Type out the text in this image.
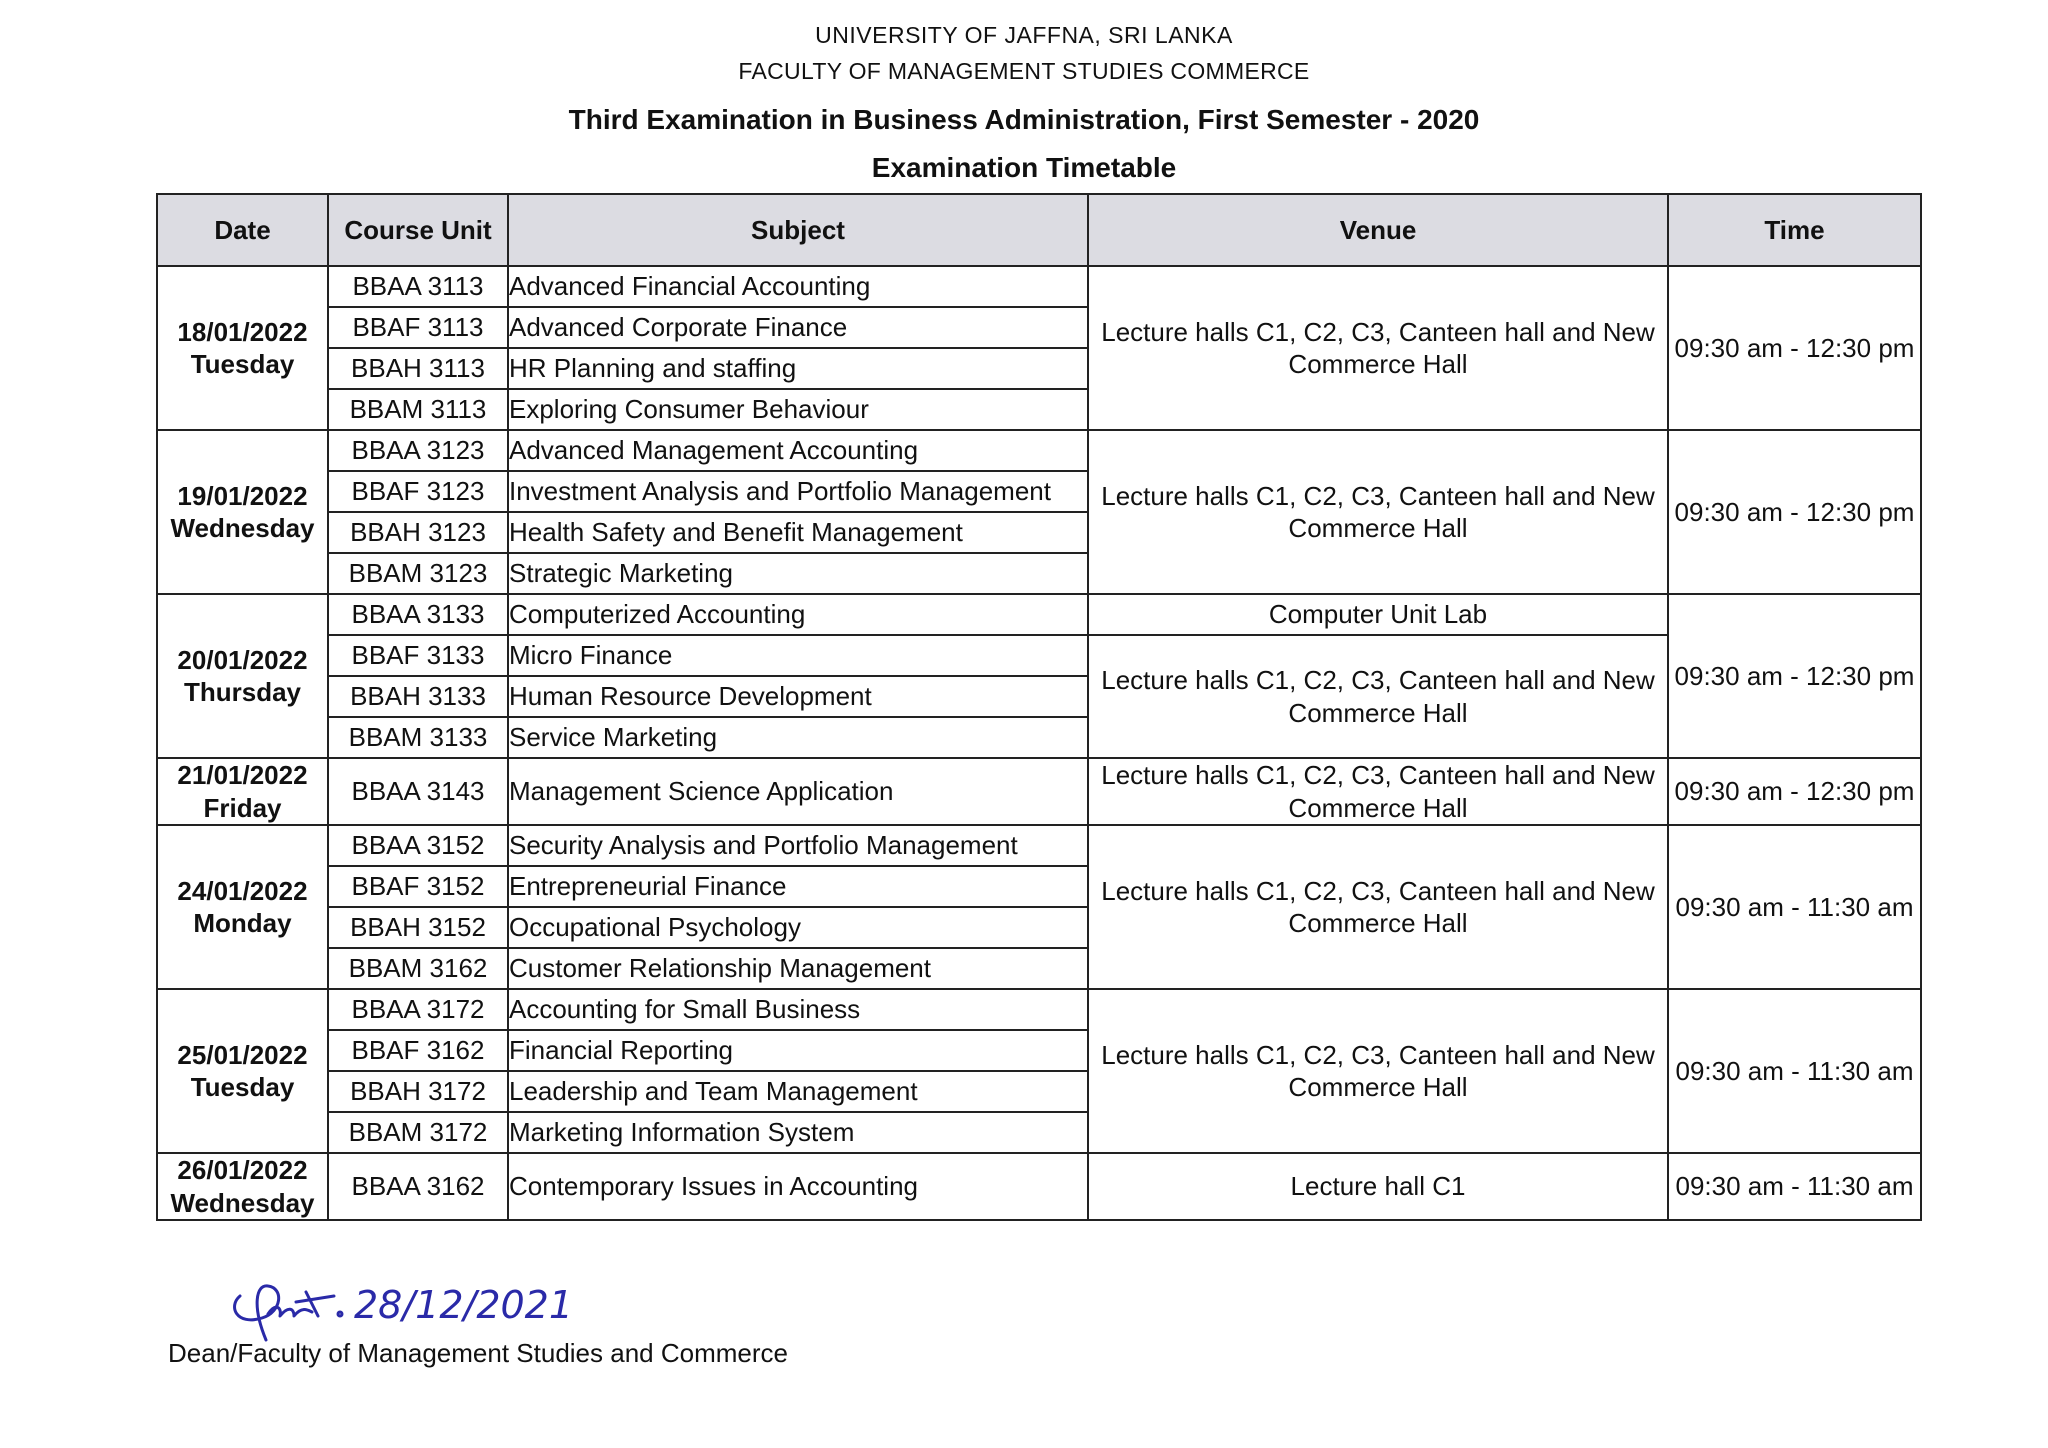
UNIVERSITY OF JAFFNA, SRI LANKA
FACULTY OF MANAGEMENT STUDIES COMMERCE
Third Examination in Business Administration, First Semester - 2020
Examination Timetable
Date	Course Unit	Subject	Venue	Time
18/01/2022
Tuesday	BBAA 3113	Advanced Financial Accounting	Lecture halls C1, C2, C3, Canteen hall and New Commerce Hall	09:30 am - 12:30 pm
	BBAF 3113	Advanced Corporate Finance		
	BBAH 3113	HR Planning and staffing		
	BBAM 3113	Exploring Consumer Behaviour		
19/01/2022
Wednesday	BBAA 3123	Advanced Management Accounting	Lecture halls C1, C2, C3, Canteen hall and New Commerce Hall	09:30 am - 12:30 pm
	BBAF 3123	Investment Analysis and Portfolio Management		
	BBAH 3123	Health Safety and Benefit Management		
	BBAM 3123	Strategic Marketing		
20/01/2022
Thursday	BBAA 3133	Computerized Accounting	Computer Unit Lab	09:30 am - 12:30 pm
	BBAF 3133	Micro Finance	Lecture halls C1, C2, C3, Canteen hall and New Commerce Hall	
	BBAH 3133	Human Resource Development		
	BBAM 3133	Service Marketing		
21/01/2022
Friday	BBAA 3143	Management Science Application	Lecture halls C1, C2, C3, Canteen hall and New Commerce Hall	09:30 am - 12:30 pm
24/01/2022
Monday	BBAA 3152	Security Analysis and Portfolio Management	Lecture halls C1, C2, C3, Canteen hall and New Commerce Hall	09:30 am - 11:30 am
	BBAF 3152	Entrepreneurial Finance		
	BBAH 3152	Occupational Psychology		
	BBAM 3162	Customer Relationship Management		
25/01/2022
Tuesday	BBAA 3172	Accounting for Small Business	Lecture halls C1, C2, C3, Canteen hall and New Commerce Hall	09:30 am - 11:30 am
	BBAF 3162	Financial Reporting		
	BBAH 3172	Leadership and Team Management		
	BBAM 3172	Marketing Information System		
26/01/2022
Wednesday	BBAA 3162	Contemporary Issues in Accounting	Lecture hall C1	09:30 am - 11:30 am
28/12/2021
Dean/Faculty of Management Studies and Commerce
